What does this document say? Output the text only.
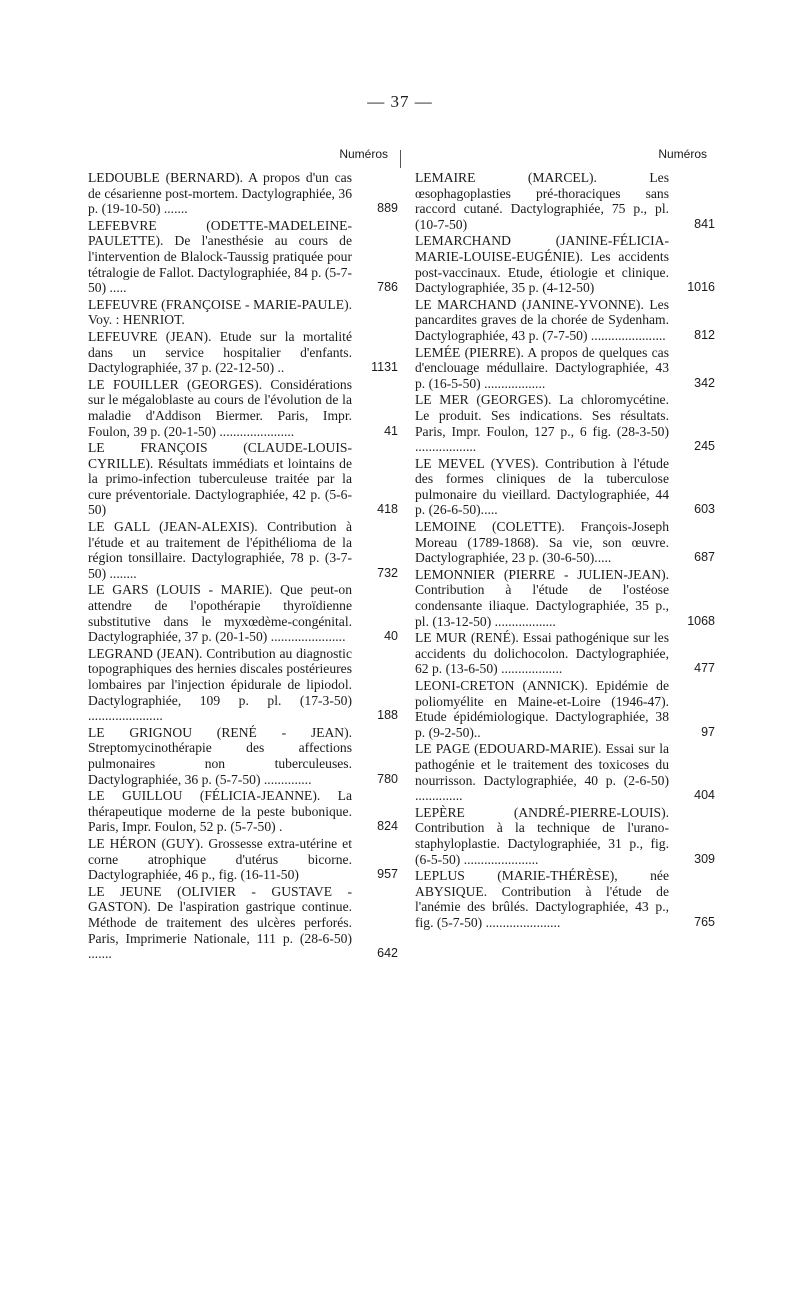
— 37 —
Numéros
LEDOUBLE (BERNARD). A propos d'un cas de césarienne post-mortem. Dactylographiée, 36 p. (19-10-50) .......	889
LEFEBVRE (ODETTE-MADELEINE-PAULETTE). De l'anesthésie au cours de l'intervention de Blalock-Taussig pratiquée pour tétralogie de Fallot. Dactylographiée, 84 p. (5-7-50) .....	786
LEFEUVRE (FRANÇOISE - MARIE-PAULE). Voy. : HENRIOT.
LEFEUVRE (JEAN). Etude sur la mortalité dans un service hospitalier d'enfants. Dactylographiée, 37 p. (22-12-50) ..	1131
LE FOUILLER (GEORGES). Considérations sur le mégaloblaste au cours de l'évolution de la maladie d'Addison Biermer. Paris, Impr. Foulon, 39 p. (20-1-50) ......................	41
LE FRANÇOIS (CLAUDE-LOUIS-CYRILLE). Résultats immédiats et lointains de la primo-infection tuberculeuse traitée par la cure préventoriale. Dactylographiée, 42 p. (5-6-50)	418
LE GALL (JEAN-ALEXIS). Contribution à l'étude et au traitement de l'épithélioma de la région tonsillaire. Dactylographiée, 78 p. (3-7-50) ........	732
LE GARS (LOUIS - MARIE). Que peut-on attendre de l'opothérapie thyroïdienne substitutive dans le myxœdème-congénital. Dactylographiée, 37 p. (20-1-50) ......................	40
LEGRAND (JEAN). Contribution au diagnostic topographiques des hernies discales postérieures lombaires par l'injection épidurale de lipiodol. Dactylographiée, 109 p. pl. (17-3-50) ......................	188
LE GRIGNOU (RENÉ - JEAN). Streptomycinothérapie des affections pulmonaires non tuberculeuses. Dactylographiée, 36 p. (5-7-50) ..............	780
LE GUILLOU (FÉLICIA-JEANNE). La thérapeutique moderne de la peste bubonique. Paris, Impr. Foulon, 52 p. (5-7-50) .	824
LE HÉRON (GUY). Grossesse extra-utérine et corne atrophique d'utérus bicorne. Dactylographiée, 46 p., fig. (16-11-50)	957
LE JEUNE (OLIVIER - GUSTAVE - GASTON). De l'aspiration gastrique continue. Méthode de traitement des ulcères perforés. Paris, Imprimerie Nationale, 111 p. (28-6-50) .......	642
Numéros
LEMAIRE (MARCEL). Les œsophagoplasties pré-thoraciques sans raccord cutané. Dactylographiée, 75 p., pl. (10-7-50)	841
LEMARCHAND (JANINE-FÉLICIA-MARIE-LOUISE-EUGÉNIE). Les accidents post-vaccinaux. Etude, étiologie et clinique. Dactylographiée, 35 p. (4-12-50)	1016
LE MARCHAND (JANINE-YVONNE). Les pancardites graves de la chorée de Sydenham. Dactylographiée, 43 p. (7-7-50) ......................	812
LEMÉE (PIERRE). A propos de quelques cas d'enclouage médullaire. Dactylographiée, 43 p. (16-5-50) ..................	342
LE MER (GEORGES). La chloromycétine. Le produit. Ses indications. Ses résultats. Paris, Impr. Foulon, 127 p., 6 fig. (28-3-50) ..................	245
LE MEVEL (YVES). Contribution à l'étude des formes cliniques de la tuberculose pulmonaire du vieillard. Dactylographiée, 44 p. (26-6-50).....	603
LEMOINE (COLETTE). François-Joseph Moreau (1789-1868). Sa vie, son œuvre. Dactylographiée, 23 p. (30-6-50).....	687
LEMONNIER (PIERRE - JULIEN-JEAN). Contribution à l'étude de l'ostéose condensante iliaque. Dactylographiée, 35 p., pl. (13-12-50) ..................	1068
LE MUR (RENÉ). Essai pathogénique sur les accidents du dolichocolon. Dactylographiée, 62 p. (13-6-50) ..................	477
LEONI-CRETON (ANNICK). Epidémie de poliomyélite en Maine-et-Loire (1946-47). Etude épidémiologique. Dactylographiée, 38 p. (9-2-50)..	97
LE PAGE (EDOUARD-MARIE). Essai sur la pathogénie et le traitement des toxicoses du nourrisson. Dactylographiée, 40 p. (2-6-50) ..............	404
LEPÈRE (ANDRÉ-PIERRE-LOUIS). Contribution à la technique de l'urano-staphyloplastie. Dactylographiée, 31 p., fig. (6-5-50) ......................	309
LEPLUS (MARIE-THÉRÈSE), née ABYSIQUE. Contribution à l'étude de l'anémie des brûlés. Dactylographiée, 43 p., fig. (5-7-50) ......................	765
